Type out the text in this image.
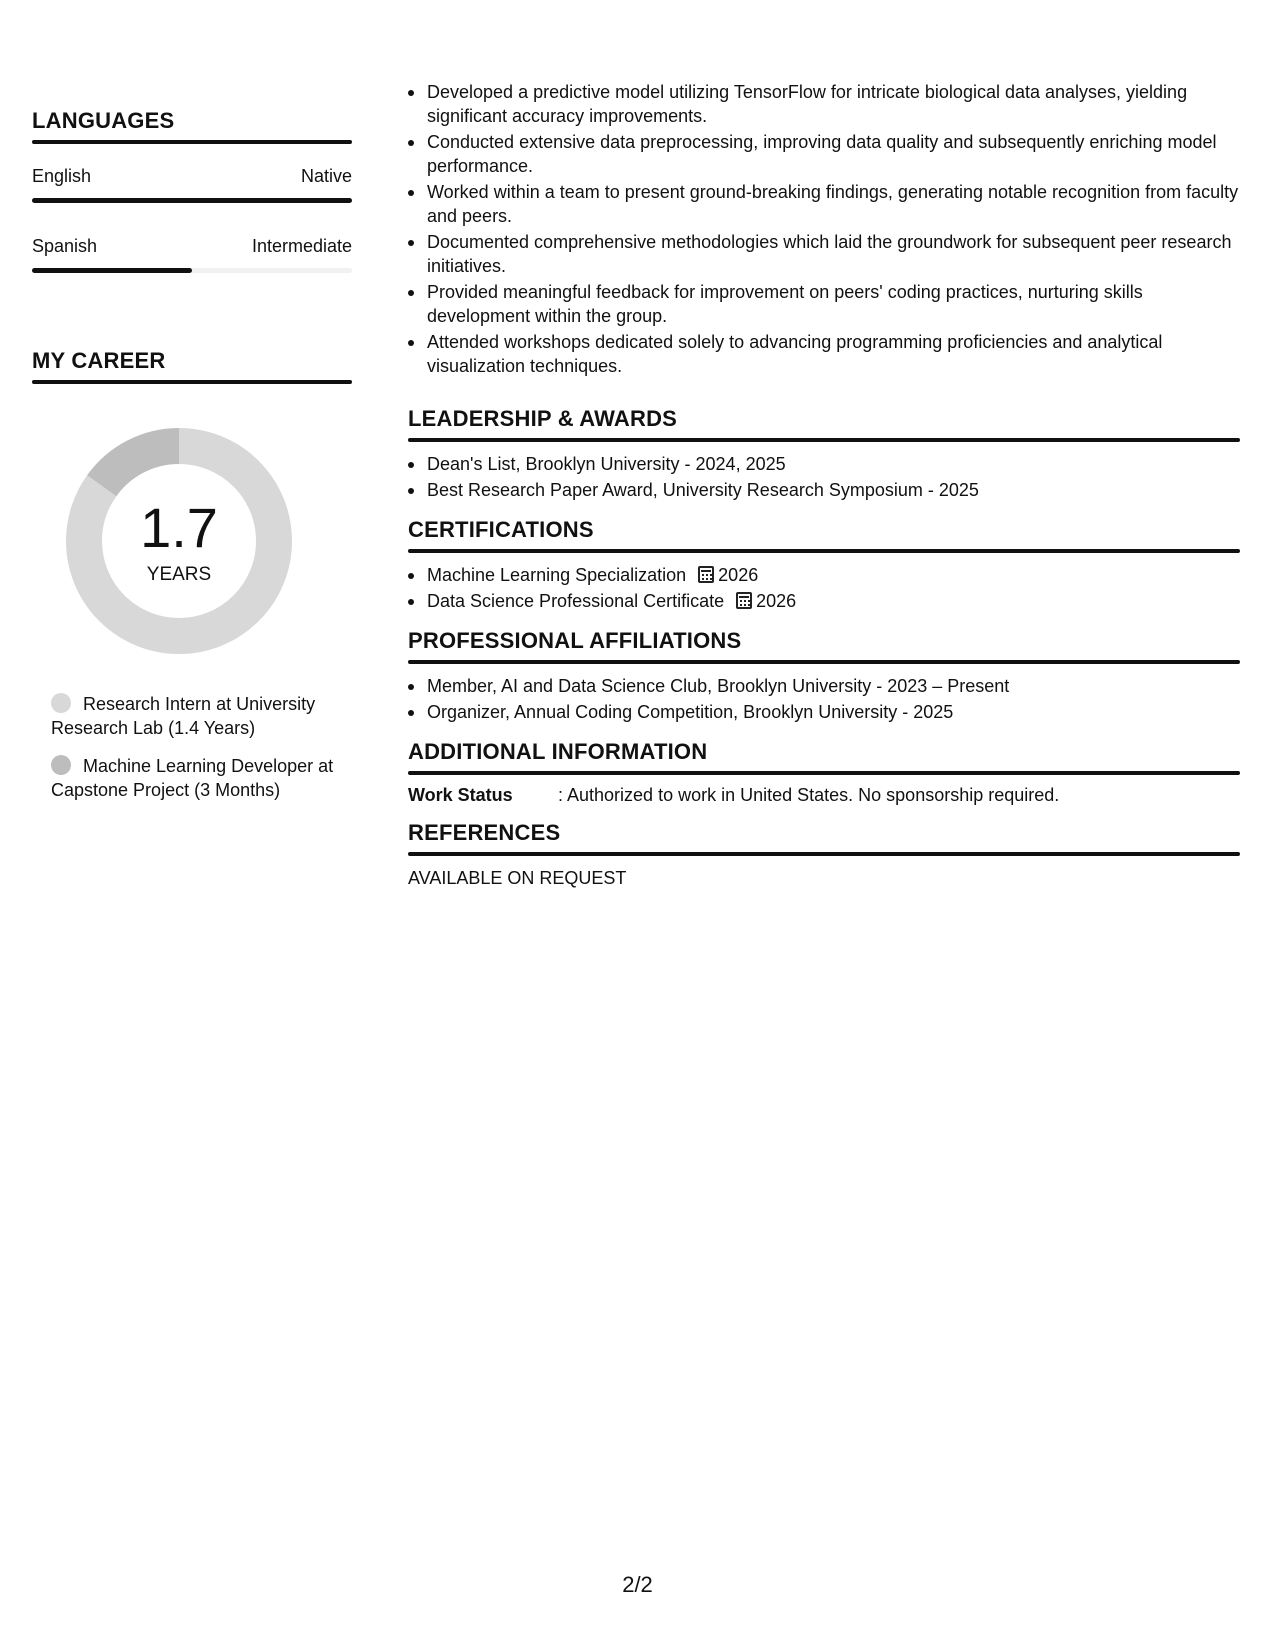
LANGUAGES
English	Native
Spanish	Intermediate
MY CAREER
1.7
YEARS
Research Intern at University Research Lab (1.4 Years)
Machine Learning Developer at Capstone Project (3 Months)
Developed a predictive model utilizing TensorFlow for intricate biological data analyses, yielding significant accuracy improvements.
Conducted extensive data preprocessing, improving data quality and subsequently enriching model performance.
Worked within a team to present ground-breaking findings, generating notable recognition from faculty and peers.
Documented comprehensive methodologies which laid the groundwork for subsequent peer research initiatives.
Provided meaningful feedback for improvement on peers' coding practices, nurturing skills development within the group.
Attended workshops dedicated solely to advancing programming proficiencies and analytical visualization techniques.
LEADERSHIP & AWARDS
Dean's List, Brooklyn University - 2024, 2025
Best Research Paper Award, University Research Symposium - 2025
CERTIFICATIONS
Machine Learning Specialization 2026
Data Science Professional Certificate 2026
PROFESSIONAL AFFILIATIONS
Member, AI and Data Science Club, Brooklyn University - 2023 – Present
Organizer, Annual Coding Competition, Brooklyn University - 2025
ADDITIONAL INFORMATION
Work Status	: Authorized to work in United States. No sponsorship required.
REFERENCES
AVAILABLE ON REQUEST
2/2
